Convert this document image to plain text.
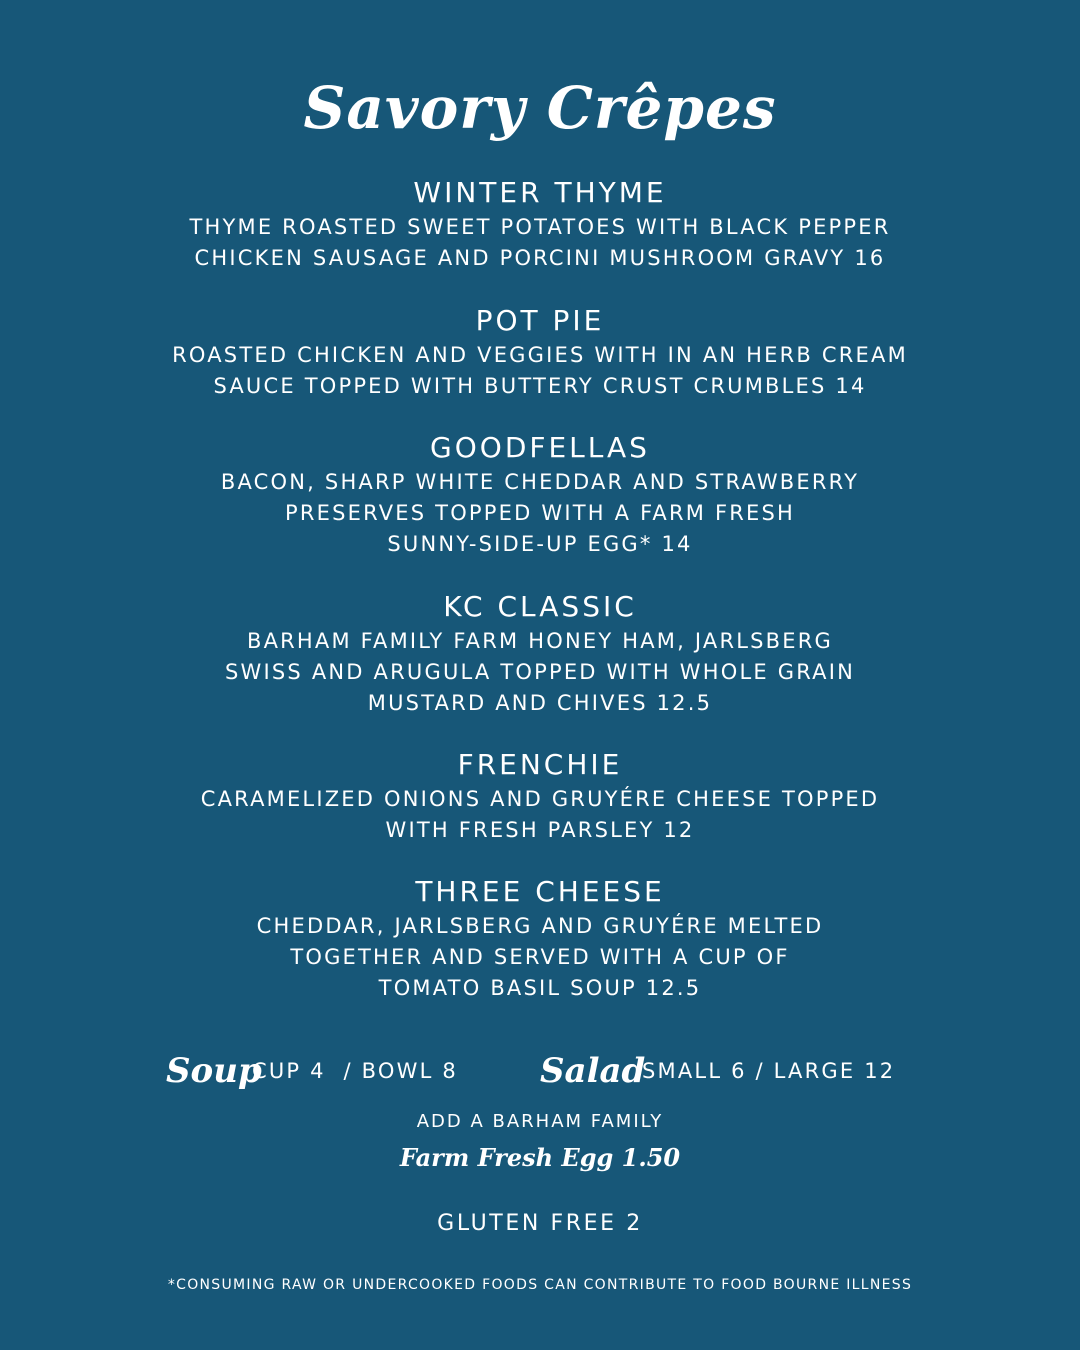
Savory Crêpes
WINTER THYME
THYME ROASTED SWEET POTATOES WITH BLACK PEPPER
CHICKEN SAUSAGE AND PORCINI MUSHROOM GRAVY 16
POT PIE
ROASTED CHICKEN AND VEGGIES WITH IN AN HERB CREAM
SAUCE TOPPED WITH BUTTERY CRUST CRUMBLES 14
GOODFELLAS
BACON, SHARP WHITE CHEDDAR AND STRAWBERRY
PRESERVES TOPPED WITH A FARM FRESH
SUNNY-SIDE-UP EGG* 14
KC CLASSIC
BARHAM FAMILY FARM HONEY HAM, JARLSBERG
SWISS AND ARUGULA TOPPED WITH WHOLE GRAIN
MUSTARD AND CHIVES 12.5
FRENCHIE
CARAMELIZED ONIONS AND GRUYÉRE CHEESE TOPPED
WITH FRESH PARSLEY 12
THREE CHEESE
CHEDDAR, JARLSBERG AND GRUYÉRE MELTED
TOGETHER AND SERVED WITH A CUP OF
TOMATO BASIL SOUP 12.5
Soup
CUP 4  / BOWL 8 Salad
SMALL 6 / LARGE 12
ADD A BARHAM FAMILY
Farm Fresh Egg 1.50
GLUTEN FREE 2
*CONSUMING RAW OR UNDERCOOKED FOODS CAN CONTRIBUTE TO FOOD BOURNE ILLNESS
